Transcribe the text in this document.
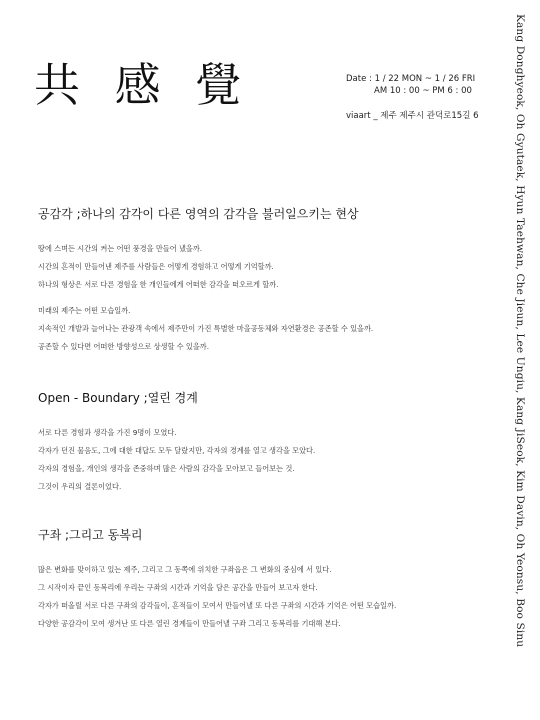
共 感 覺	Date : 1 / 22 MON ~ 1 / 26 FRI
AM 10 : 00 ~ PM 6 : 00
viaart _ 제주 제주시 관덕로15길 6	Kang Donghyeok, Oh Gyutaek, Hyun Taehwan, Che Jieun, Lee Ungiu, Kang JiSeok, Kim Davin, Oh Yeonsu, Boo Sinu
공감각 ;하나의 감각이 다른 영역의 감각을 불러일으키는 현상

땅에 스며든 시간의 켜는 어떤 풍경을 만들어 냈을까.

시간의 흔적이 만들어낸 제주를 사람들은 어떻게 경험하고 어떻게 기억할까.

하나의 형상은 서로 다른 경험을 한 개인들에게 어떠한 감각을 떠오르게 할까.

미래의 제주는 어떤 모습일까.

지속적인 개발과 늘어나는 관광객 속에서 제주만이 가진 특별한 마을공동체와 자연환경은 공존할 수 있을까.

공존할 수 있다면 어떠한 방향성으로 상생할 수 있을까.

Open - Boundary ;열린 경계

서로 다른 경험과 생각을 가진 9명이 모였다.

각자가 던진 물음도, 그에 대한 대답도 모두 달랐지만, 각자의 경계를 열고 생각을 모았다.

각자의 경험을, 개인의 생각을 존중하며 많은 사람의 감각을 모아보고 들어보는 것.

그것이 우리의 결론이었다.

구좌 ;그리고 동복리

많은 변화를 맞이하고 있는 제주, 그리고 그 동쪽에 위치한 구좌읍은 그 변화의 중심에 서 있다.

그 시작이자 끝인 동복리에 우리는 구좌의 시간과 기억을 담은 공간을 만들어 보고자 한다.

각자가 떠올릴 서로 다른 구좌의 감각들이, 흔적들이 모여서 만들어낼 또 다른 구좌의 시간과 기억은 어떤 모습일까.

다양한 공감각이 모여 생겨난 또 다른 열린 경계들이 만들어낼 구좌 그리고 동복리를 기대해 본다.
